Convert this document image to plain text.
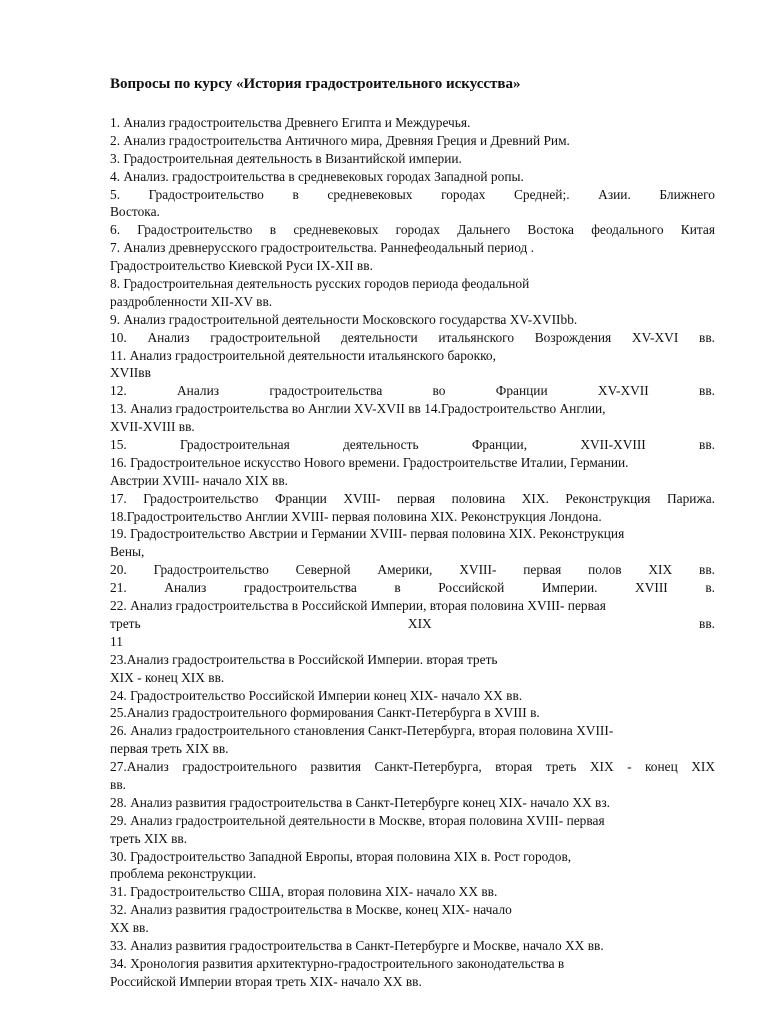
Вопросы по курсу «История градостроительного искусства»
1. Анализ градостроительства Древнего Египта и Междуречья.
2. Анализ градостроительства Античного мира, Древняя Греция и Древний Рим.
3. Градостроительная деятельность в Византийской империи.
4. Анализ. градостроительства в средневековых городах Западной ропы.
5. Градостроительство в средневековых городах Средней;. Азии. Ближнего
Востока.
6. Градостроительство в средневековых городах Дальнего Востока феодального Китая
7. Анализ древнерусского градостроительства. Раннефеодальный период .
Градостроительство Киевской Руси IX-XII вв.
8. Градостроительная деятельность русских городов периода феодальной
раздробленности XII-XV вв.
9. Анализ градостроительной деятельности Московского государства XV-XVIIbb.
10. Анализ градостроительной деятельности итальянского Возрождения XV-XVI вв.
11. Анализ градостроительной деятельности итальянского барокко,
XVIIвв
12. Анализ градостроительства во Франции XV-XVII вв.
13. Анализ градостроительства во Англии XV-XVII вв 14.Градостроительство Англии,
XVII-XVIII вв.
15. Градостроительная деятельность Франции, XVII-XVIII вв.
16. Градостроительное искусство Нового времени. Градостроительстве Италии, Германии.
Австрии XVIII- начало XIX вв.
17. Градостроительство Франции XVIII- первая половина XIX. Реконструкция Парижа.
18.Градостроительство Англии XVIII- первая половина XIX. Реконструкция Лондона.
19. Градостроительство Австрии и Германии XVIII- первая половина XIX. Реконструкция
Вены,
20. Градостроительство Северной Америки, XVIII- первая полов XIX вв.
21. Анализ градостроительства в Российской Империи. XVIII в.
22. Анализ градостроительства в Российской Империи, вторая половина XVIII- первая
треть XIX вв.
11
23.Анализ градостроительства в Российской Империи. вторая треть
XIX - конец XIX вв.
24. Градостроительство Российской Империи конец XIX- начало XX вв.
25.Анализ градостроительного формирования Санкт-Петербурга в XVIII в.
26. Анализ градостроительного становления Санкт-Петербурга, вторая половина XVIII-
первая треть XIX вв.
27.Анализ градостроительного развития Санкт-Петербурга, вторая треть XIX - конец XIX
вв.
28. Анализ развития градостроительства в Санкт-Петербурге конец XIX- начало XX вз.
29. Анализ градостроительной деятельности в Москве, вторая половина XVIII- первая
треть XIX вв.
30. Градостроительство Западной Европы, вторая половина XIX в. Рост городов,
проблема реконструкции.
31. Градостроительство США, вторая половина XIX- начало XX вв.
32. Анализ развития градостроительства в Москве, конец XIX- начало
XX вв.
33. Анализ развития градостроительства в Санкт-Петербурге и Москве, начало XX вв.
34. Хронология развития архитектурно-градостроительного законодательства в
Российской Империи вторая треть XIX- начало XX вв.
